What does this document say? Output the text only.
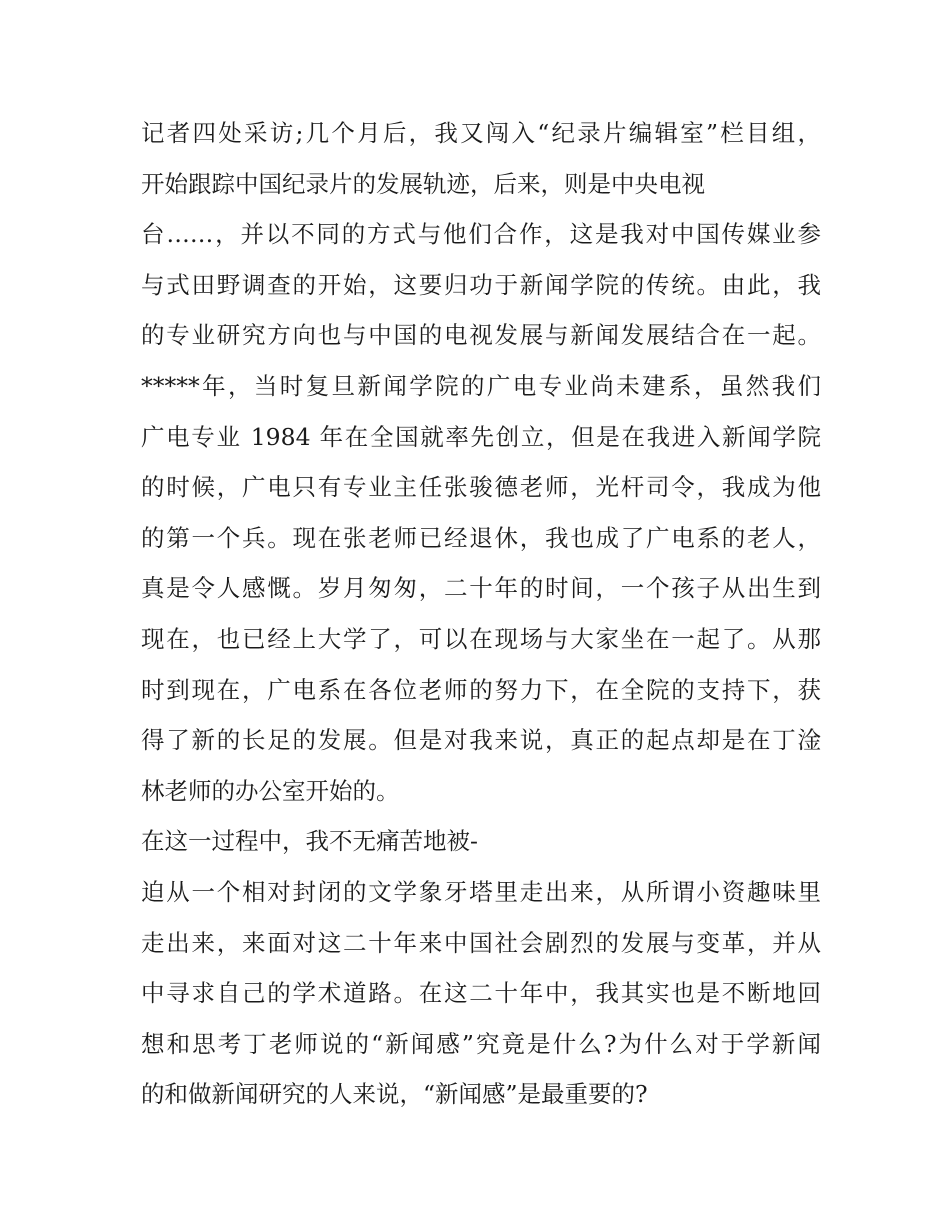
记者四处采访;几个月后，我又闯入“纪录片编辑室”栏目组，
开始跟踪中国纪录片的发展轨迹，后来，则是中央电视
台……，并以不同的方式与他们合作，这是我对中国传媒业参
与式田野调查的开始，这要归功于新闻学院的传统。由此，我
的专业研究方向也与中国的电视发展与新闻发展结合在一起。
*****年，当时复旦新闻学院的广电专业尚未建系，虽然我们
广电专业 1984 年在全国就率先创立，但是在我进入新闻学院
的时候，广电只有专业主任张骏德老师，光杆司令，我成为他
的第一个兵。现在张老师已经退休，我也成了广电系的老人，
真是令人感慨。岁月匆匆，二十年的时间，一个孩子从出生到
现在，也已经上大学了，可以在现场与大家坐在一起了。从那
时到现在，广电系在各位老师的努力下，在全院的支持下，获
得了新的长足的发展。但是对我来说，真正的起点却是在丁淦
林老师的办公室开始的。
在这一过程中，我不无痛苦地被-
迫从一个相对封闭的文学象牙塔里走出来，从所谓小资趣味里
走出来，来面对这二十年来中国社会剧烈的发展与变革，并从
中寻求自己的学术道路。在这二十年中，我其实也是不断地回
想和思考丁老师说的“新闻感”究竟是什么?为什么对于学新闻
的和做新闻研究的人来说，“新闻感”是最重要的?
